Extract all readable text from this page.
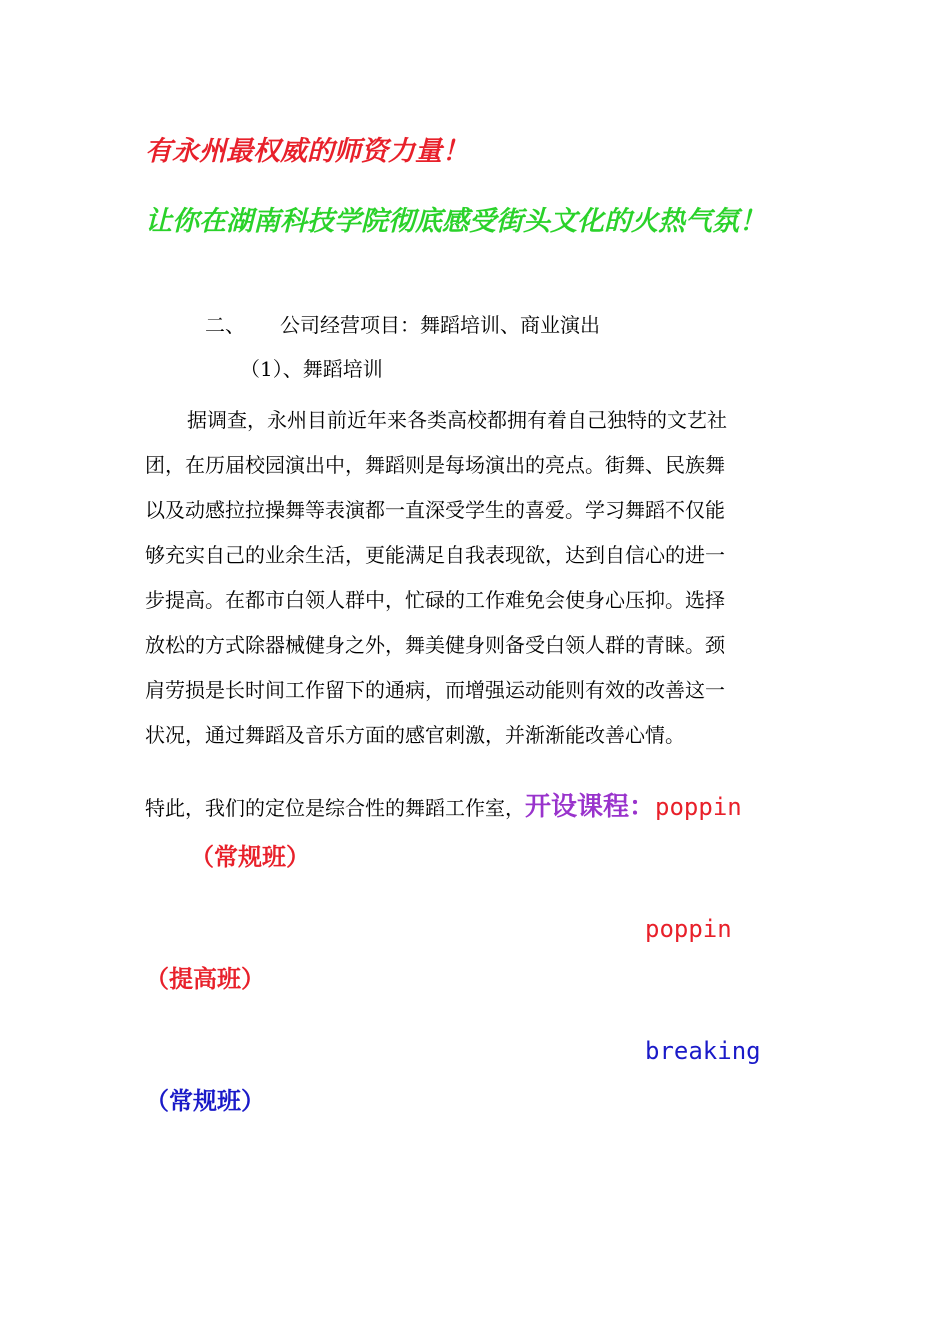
有永州最权威的师资力量！
让你在湖南科技学院彻底感受街头文化的火热气氛！
二、 公司经营项目：舞蹈培训、商业演出
（1）、舞蹈培训
据调查，永州目前近年来各类高校都拥有着自己独特的文艺社
团，在历届校园演出中，舞蹈则是每场演出的亮点。街舞、民族舞
以及动感拉拉操舞等表演都一直深受学生的喜爱。学习舞蹈不仅能
够充实自己的业余生活，更能满足自我表现欲，达到自信心的进一
步提高。在都市白领人群中，忙碌的工作难免会使身心压抑。选择
放松的方式除器械健身之外，舞美健身则备受白领人群的青睐。颈
肩劳损是长时间工作留下的通病，而增强运动能则有效的改善这一
状况，通过舞蹈及音乐方面的感官刺激，并渐渐能改善心情。
特此，我们的定位是综合性的舞蹈工作室，开设课程：poppin
（常规班）
poppin
（提高班）
breaking
（常规班）
